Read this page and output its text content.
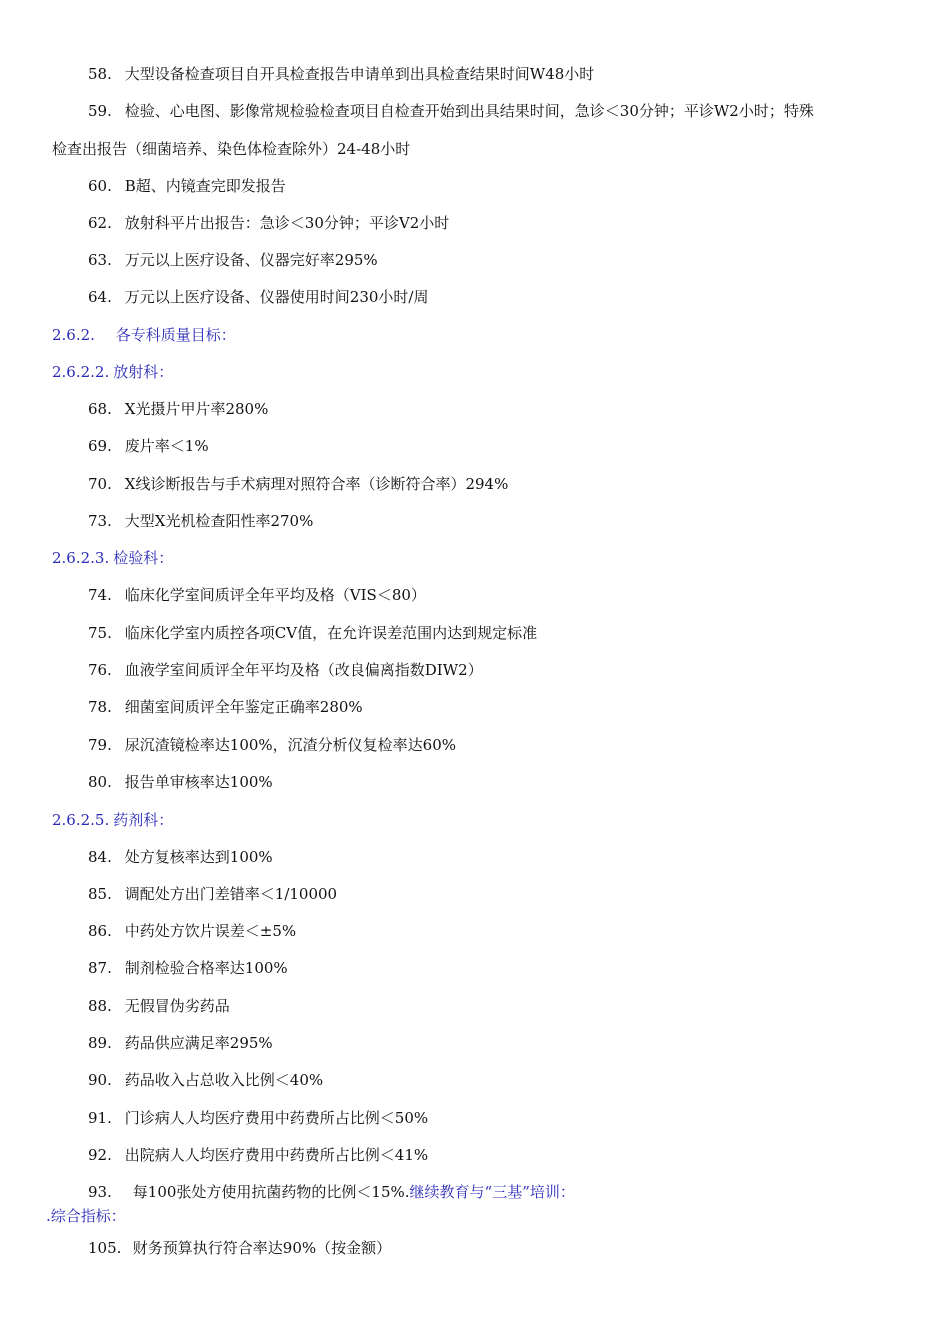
58. 大型设备检查项目自开具检查报告申请单到出具检查结果时间W48小时
59. 检验、心电图、影像常规检验检查项目自检查开始到出具结果时间，急诊＜30分钟；平诊W2小时；特殊
检查出报告（细菌培养、染色体检查除外）24-48小时
60. B超、内镜查完即发报告
62. 放射科平片出报告：急诊＜30分钟；平诊V2小时
63. 万元以上医疗设备、仪器完好率295%
64. 万元以上医疗设备、仪器使用时间230小时/周
2.6.2. 各专科质量目标：
2.6.2.2. 放射科：
68. X光摄片甲片率280%
69. 废片率＜1%
70. X线诊断报告与手术病理对照符合率（诊断符合率）294%
73. 大型X光机检查阳性率270%
2.6.2.3. 检验科：
74. 临床化学室间质评全年平均及格（VIS＜80）
75. 临床化学室内质控各项CV值，在允许误差范围内达到规定标准
76. 血液学室间质评全年平均及格（改良偏离指数DIW2）
78. 细菌室间质评全年鉴定正确率280%
79. 尿沉渣镜检率达100%，沉渣分析仪复检率达60%
80. 报告单审核率达100%
2.6.2.5. 药剂科：
84. 处方复核率达到100%
85. 调配处方出门差错率＜1/10000
86. 中药处方饮片误差＜±5%
87. 制剂检验合格率达100%
88. 无假冒伪劣药品
89. 药品供应满足率295%
90. 药品收入占总收入比例＜40%
91. 门诊病人人均医疗费用中药费所占比例＜50%
92. 出院病人人均医疗费用中药费所占比例＜41%
93. 每100张处方使用抗菌药物的比例＜15%.继续教育与“三基”培训：
.综合指标：
105. 财务预算执行符合率达90%（按金额）
